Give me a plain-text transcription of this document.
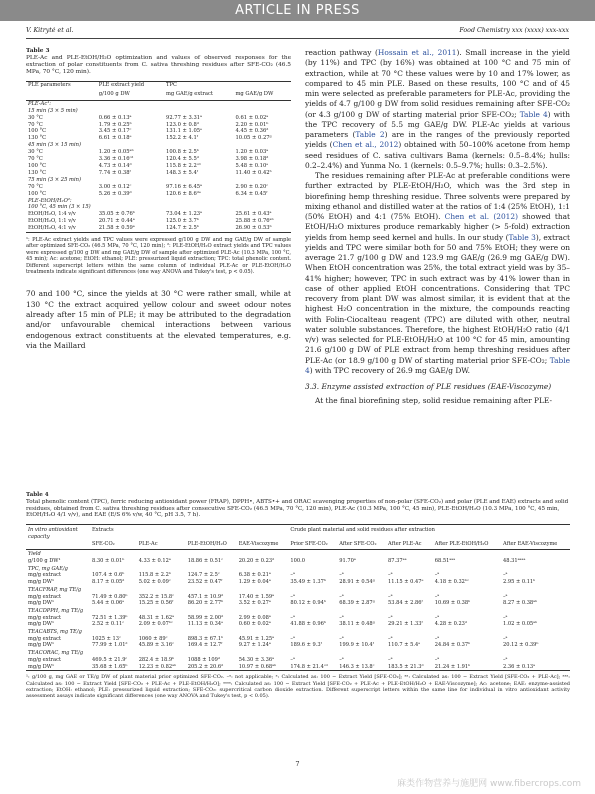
ARTICLE IN PRESS
V. Kitrytė et al.	Food Chemistry xxx (xxxx) xxx-xxx
Table 3
PLE-Ac and PLE-EtOH/H₂O optimization and values of observed responses for the extraction of polar constituents from C. sativa threshing residues after SFE-CO₂ (46.5 MPa, 70 °C, 120 min).
PLE parameters	PLE extract yield	TPC	
	g/100 g DW	mg GAE/g extract	mg GAE/g DW
PLE-Ac¹:			
15 min (3 × 5 min)			
30 °C	0.66 ± 0.13ᵃ	92.77 ± 3.31ᵃ	0.61 ± 0.02ᵃ
70 °C	1.79 ± 0.25ᵇ	123.0 ± 0.8ᵈ	2.20 ± 0.01ᵇ
100 °C	3.45 ± 0.17ᶜ	131.1 ± 1.05ᵉ	4.45 ± 0.36ᵈ
130 °C	6.61 ± 0.18ᵉ	152.2 ± 4.1ᶠ	10.05 ± 0.27ᵍ
45 min (3 × 15 min)			
30 °C	1.20 ± 0.05ᵃᵇ	100.8 ± 2.5ᵇ	1.20 ± 0.03ᵃ
70 °C	3.36 ± 0.16ᶜᵈ	120.4 ± 5.5ᵈ	3.98 ± 0.18ᵈ
100 °C	4.73 ± 0.14ᵈ	115.8 ± 2.2ᶜᵈ	5.48 ± 0.10ᵉ
130 °C	7.74 ± 0.38ᶠ	148.3 ± 5.4ᶠ	11.40 ± 0.42ʰ
75 min (3 × 25 min)			
70 °C	3.00 ± 0.12ᶜ	97.16 ± 6.45ᵃ	2.90 ± 0.20ᶜ
100 °C	5.26 ± 0.39ᵈ	120.6 ± 8.6ᵈᵉ	6.34 ± 0.45ᶠ
PLE-EtOH/H₂O²:			
100 °C, 45 min (3 × 15)			
EtOH/H₂O, 1:4 v/v	35.05 ± 0.76ᵇ	73.04 ± 1.23ᵃ	25.61 ± 0.43ᵃ
EtOH/H₂O, 1:1 v/v	20.71 ± 0.44ᵃ	125.0 ± 3.7ᵇ	25.88 ± 0.76ᵃᵇ
EtOH/H₂O, 4:1 v/v	21.58 ± 0.59ᵃ	124.7 ± 2.5ᵇ	26.90 ± 0.53ᵇ
¹: PLE-Ac extract yields and TPC values were expressed g/100 g DW and mg GAE/g DW of sample after optimized SFE-CO₂ (46.5 MPa, 70 °C, 120 min); ²: PLE-EtOH/H₂O extract yields and TPC values were expressed g/100 g DW and mg GAE/g DW of sample after optimized PLE-Ac (10.3 MPa, 100 °C, 45 min); Ac: acetone; EtOH: ethanol; PLE: pressurized liquid extraction; TPC: total phenolic content. Different superscript letters within the same column of individual PLE-Ac or PLE-EtOH/H₂O treatments indicate significant differences (one way ANOVA and Tukey's test, p < 0.05).

70 and 100 °C, since the yields at 30 °C were rather small, while at 130 °C the extract acquired yellow colour and sweet odour notes already after 15 min of PLE; it may be attributed to the degradation and/or unfavourable chemical interactions between various endogenous extract constituents at the elevated temperatures, e.g. via the Maillard

reaction pathway (Hossain et al., 2011). Small increase in the yield (by 11%) and TPC (by 16%) was obtained at 100 °C and 75 min of extraction, while at 70 °C these values were by 10 and 17% lower, as compared to 45 min PLE. Based on these results, 100 °C and of 45 min were selected as preferable parameters for PLE-Ac, providing the yields of 4.7 g/100 g DW from solid residues remaining after SFE-CO₂ (or 4.3 g/100 g DW of starting material prior SFE-CO₂; Table 4) with the TPC recovery of 5.5 mg GAE/g DW. PLE-Ac yields at various parameters (Table 2) are in the ranges of the previously reported yields (Chen et al., 2012) obtained with 50–100% acetone from hemp seed residues of C. sativa cultivars Bama (kernels: 0.5–8.4%; hulls: 0.2–2.4%) and Yunma No. 1 (kernels: 0.5–9.7%; hulls: 0.3–2.5%).

The residues remaining after PLE-Ac at preferable conditions were further extracted by PLE-EtOH/H₂O, which was the 3rd step in biorefining hemp threshing residue. Three solvents were prepared by mixing ethanol and distilled water at the ratios of 1:4 (25% EtOH), 1:1 (50% EtOH) and 4:1 (75% EtOH). Chen et al. (2012) showed that EtOH/H₂O mixtures produce remarkably higher (> 5-fold) extraction yields from hemp seed kernel and hulls. In our study (Table 3), extract yields and TPC were similar both for 50 and 75% EtOH; they were on average 21.7 g/100 g DW and 123.9 mg GAE/g (26.9 mg GAE/g DW). When EtOH concentration was 25%, the total extract yield was by 35–41% higher; however, TPC in such extract was by 41% lower than in case of other applied EtOH concentrations. Considering that TPC recovery from plant DW was almost similar, it is evident that at the highest H₂O concentration in the mixture, the compounds reacting with Folin-Ciocalteau reagent (TPC) are diluted with other, neutral water soluble substances. Therefore, the highest EtOH/H₂O ratio (4/1 v/v) was selected for PLE-EtOH/H₂O at 100 °C for 45 min, amounting 21.6 g/100 g DW of PLE extract from hemp threshing residues after PLE-Ac (or 18.9 g/100 g DW of starting material prior SFE-CO₂; Table 4) with TPC recovery of 26.9 mg GAE/g DW.

3.3. Enzyme assisted extraction of PLE residues (EAE-Viscozyme)

At the final biorefining step, solid residue remaining after PLE-

Table 4
Total phenolic content (TPC), ferric reducing antioxidant power (FRAP), DPPH•, ABTS•+ and ORAC scavenging properties of non-polar (SFE-CO₂) and polar (PLE and EAE) extracts and solid residues, obtained from C. sativa threshing residues after consecutive SFE-CO₂ (46.5 MPa, 70 °C, 120 min), PLE-Ac (10.3 MPa, 100 °C, 45 min), PLE-EtOH/H₂O (10.3 MPa, 100 °C, 45 min, EtOH/H₂O 4/1 v/v), and EAE (E/S 6% v/w, 40 °C, pH 3.5, 7 h).
In vitro antioxidant capacity	Extracts				Crude plant material and solid residues after extraction				
	SFE-CO₂	PLE-Ac	PLE-EtOH/H₂O	EAE-Viscozyme	Prior SFE-CO₂	After SFE-CO₂	After PLE-Ac	After PLE-EtOH/H₂O	After EAE-Viscozyme
Yield									
g/100 g DW¹	8.30 ± 0.01ᵇ	4.33 ± 0.12ᵃ	18.86 ± 0.51ᶜ	20.20 ± 0.23ᵈ	100.0	91.70ᵃ	87.37ᵃᵃ	68.51ᵃᵃᵃ	48.31ᵃᵃᵃᵃ
TPC, mg GAE/g									
mg/g extract	107.4 ± 0.6ᵇ	115.8 ± 2.2ᵇ	124.7 ± 2.5ᶜ	6.38 ± 0.21ᵃ	–ᵃ	–ᵃ	–ᵃ	–ᵃ	–ᵃ
mg/g DW¹	8.17 ± 0.05ᵈ	5.02 ± 0.09ᶜ	23.52 ± 0.47ᶠ	1.29 ± 0.04ᵃ	35.49 ± 1.37ʰ	28.91 ± 0.54ᵍ	11.15 ± 0.47ᵉ	4.18 ± 0.32ᵇᶜ	2.95 ± 0.11ᵇ
TEACFRAP, mg TE/g									
mg/g extract	71.49 ± 0.80ᵇ	352.2 ± 15.8ᶜ	457.1 ± 10.9ᵈ	17.40 ± 1.59ᵃ	–ᵃ	–ᵃ	–ᵃ	–ᵃ	–ᵃ
mg/g DW¹	5.44 ± 0.06ᵉ	15.25 ± 0.56ᶠ	86.20 ± 2.77ʰ	3.52 ± 0.27ᵃ	80.12 ± 0.94ʰ	68.39 ± 2.87ᵍ	53.84 ± 2.86ᶠ	10.69 ± 0.38ᵇ	8.27 ± 0.38ᵃᵇ
TEACDPPH, mg TE/g									
mg/g extract	72.51 ± 1.39ᵇ	48.31 ± 1.62ᵃ	58.99 ± 2.00ᵈ	2.99 ± 0.08ᵃ	–ᵃ	–ᵃ	–ᵃ	–ᵃ	–ᵃ
mg/g DW¹	2.52 ± 0.11ᶜ	2.09 ± 0.07ᵇᶜ	11.13 ± 0.34ᵉ	0.60 ± 0.02ᵃ	41.88 ± 0.96ʰ	38.11 ± 0.48ᵍ	29.21 ± 1.33ᶠ	4.28 ± 0.23ᵈ	1.02 ± 0.05ᵃᵇ
TEACABTS, mg TE/g									
mg/g extract	1025 ± 13ᶜ	1060 ± 89ᶜ	898.3 ± 67.1ᵇ	45.91 ± 1.25ᵃ	–ᵃ	–ᵃ	–ᵃ	–ᵃ	–ᵃ
mg/g DW¹	77.99 ± 1.01ᵈ	45.89 ± 3.16ᶜ	169.4 ± 12.7ᶠ	9.27 ± 1.24ᵃ	189.6 ± 9.3ᶠ	199.9 ± 10.4ᶠ	110.7 ± 5.4ᵉ	24.84 ± 0.37ᵇ	20.12 ± 0.39ᵇ
TEACORAC, mg TE/g									
mg/g extract	469.5 ± 21.9ᶜ	282.4 ± 18.9ᵇ	1088 ± 109ᵈ	54.30 ± 3.36ᵃ	–ᵃ	–ᵃ	–ᵃ	–ᵃ	–ᵃ
mg/g DW¹	35.68 ± 1.65ᵇ	12.23 ± 0.82ᵃᵇ	205.2 ± 20.6ᵈ	10.97 ± 0.68ᵃᵇ	174.8 ± 21.4ᶜᵈ	146.3 ± 13.8ᶜ	183.5 ± 21.3ᵈ	21.24 ± 1.91ᵇ	2.36 ± 0.13ᵃ
¹: g/100 g, mg GAE or TE/g DW of plant material prior optimized SFE-CO₂. –ᵃ: not applicable; ᵃ: Calculated as: 100 − Extract Yield [SFE-CO₂]; ᵃᵃ: Calculated as: 100 − Extract Yield [SFE-CO₂ + PLE-Ac]; ᵃᵃᵃ: Calculated as: 100 − Extract Yield [SFE-CO₂ + PLE-Ac + PLE-EtOH/H₂O]; ᵃᵃᵃᵃ: Calculated as: 100 − Extract Yield [SFE-CO₂ + PLE-Ac + PLE-EtOH/H₂O + EAE-Viscozyme]; Ac: acetone; EAE: enzyme-assisted extraction; EtOH: ethanol; PLE: pressurized liquid extraction; SFE-CO₂: supercritical carbon dioxide extraction. Different superscript letters within the same line for individual in vitro antioxidant activity assessment assays indicate significant differences (one way ANOVA and Tukey's test, p < 0.05).
7
麻类作物营养与施肥网 www.fibercrops.com
